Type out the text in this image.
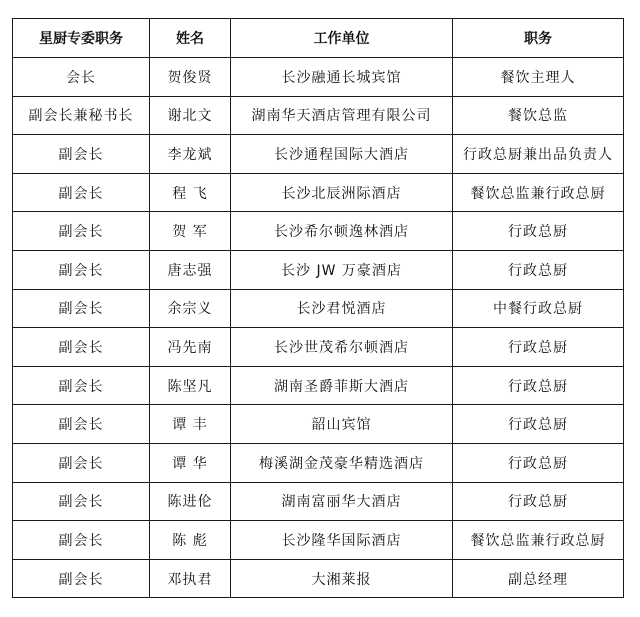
星厨专委职务	姓名	工作单位	职务
会长	贺俊贤	长沙融通长城宾馆	餐饮主理人
副会长兼秘书长	谢北文	湖南华天酒店管理有限公司	餐饮总监
副会长	李龙斌	长沙通程国际大酒店	行政总厨兼出品负责人
副会长	程 飞	长沙北辰洲际酒店	餐饮总监兼行政总厨
副会长	贺 军	长沙希尔顿逸林酒店	行政总厨
副会长	唐志强	长沙 JW 万豪酒店	行政总厨
副会长	余宗义	长沙君悦酒店	中餐行政总厨
副会长	冯先南	长沙世茂希尔顿酒店	行政总厨
副会长	陈坚凡	湖南圣爵菲斯大酒店	行政总厨
副会长	谭 丰	韶山宾馆	行政总厨
副会长	谭 华	梅溪湖金茂豪华精选酒店	行政总厨
副会长	陈进伦	湖南富丽华大酒店	行政总厨
副会长	陈 彪	长沙隆华国际酒店	餐饮总监兼行政总厨
副会长	邓执君	大湘莱报	副总经理
